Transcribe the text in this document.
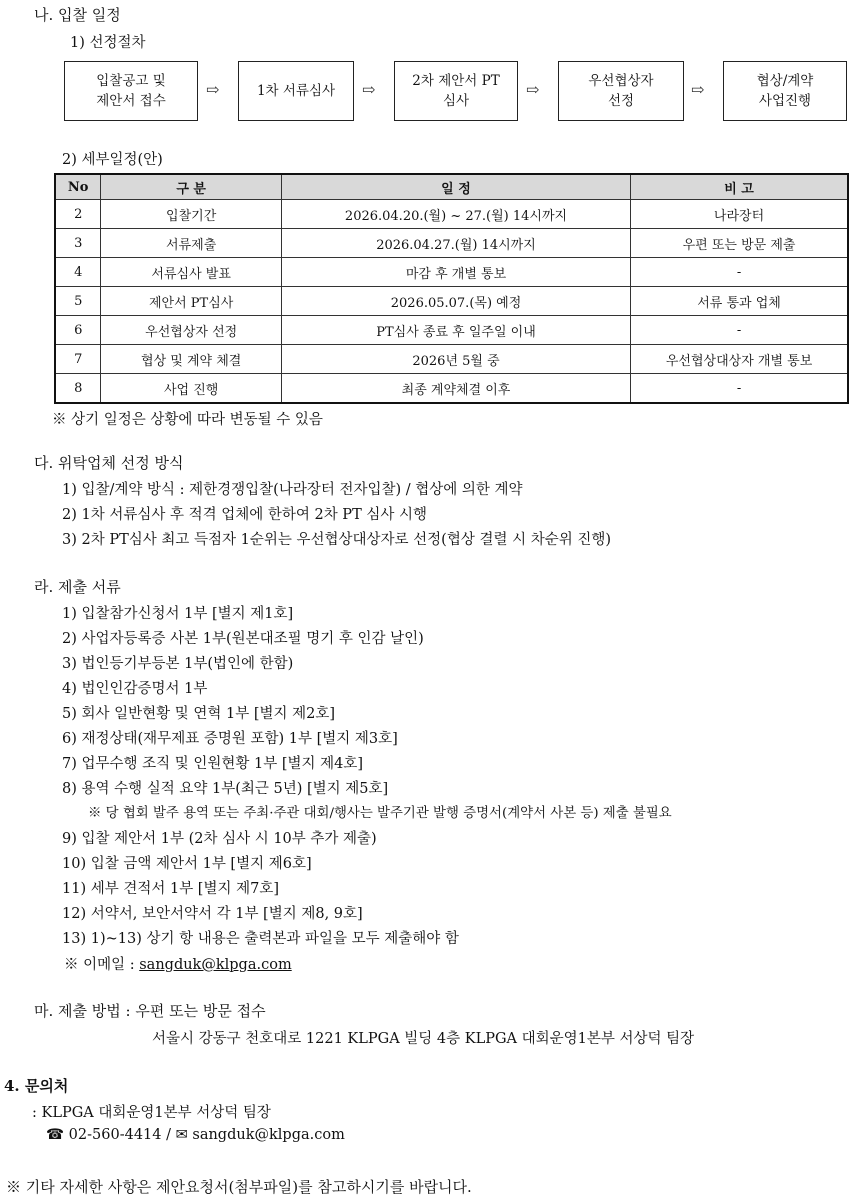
나. 입찰 일정
1) 선정절차
입찰공고 및
제안서 접수
⇨	1차 서류심사	⇨	2차 제안서 PT
심사
⇨	우선협상자
선정
⇨	협상/계약
사업진행
2) 세부일정(안)
No	구 분	일 정	비 고
2	입찰기간	2026.04.20.(월) ~ 27.(월) 14시까지	나라장터
3	서류제출	2026.04.27.(월) 14시까지	우편 또는 방문 제출
4	서류심사 발표	마감 후 개별 통보	-
5	제안서 PT심사	2026.05.07.(목) 예정	서류 통과 업체
6	우선협상자 선정	PT심사 종료 후 일주일 이내	-
7	협상 및 계약 체결	2026년 5월 중	우선협상대상자 개별 통보
8	사업 진행	최종 계약체결 이후	-
※ 상기 일정은 상황에 따라 변동될 수 있음
다. 위탁업체 선정 방식
1) 입찰/계약 방식 : 제한경쟁입찰(나라장터 전자입찰) / 협상에 의한 계약
2) 1차 서류심사 후 적격 업체에 한하여 2차 PT 심사 시행
3) 2차 PT심사 최고 득점자 1순위는 우선협상대상자로 선정(협상 결렬 시 차순위 진행)
라. 제출 서류
1) 입찰참가신청서 1부 [별지 제1호]
2) 사업자등록증 사본 1부(원본대조필 명기 후 인감 날인)
3) 법인등기부등본 1부(법인에 한함)
4) 법인인감증명서 1부
5) 회사 일반현황 및 연혁 1부 [별지 제2호]
6) 재정상태(재무제표 증명원 포함) 1부 [별지 제3호]
7) 업무수행 조직 및 인원현황 1부 [별지 제4호]
8) 용역 수행 실적 요약 1부(최근 5년) [별지 제5호]
※ 당 협회 발주 용역 또는 주최·주관 대회/행사는 발주기관 발행 증명서(계약서 사본 등) 제출 불필요
9) 입찰 제안서 1부 (2차 심사 시 10부 추가 제출)
10) 입찰 금액 제안서 1부 [별지 제6호]
11) 세부 견적서 1부 [별지 제7호]
12) 서약서, 보안서약서 각 1부 [별지 제8, 9호]
13) 1)~13) 상기 항 내용은 출력본과 파일을 모두 제출해야 함
※ 이메일 : sangduk@klpga.com
마. 제출 방법 : 우편 또는 방문 접수
서울시 강동구 천호대로 1221 KLPGA 빌딩 4층 KLPGA 대회운영1본부 서상덕 팀장
4. 문의처
: KLPGA 대회운영1본부 서상덕 팀장
☎ 02-560-4414 / ✉ sangduk@klpga.com
※ 기타 자세한 사항은 제안요청서(첨부파일)를 참고하시기를 바랍니다.
